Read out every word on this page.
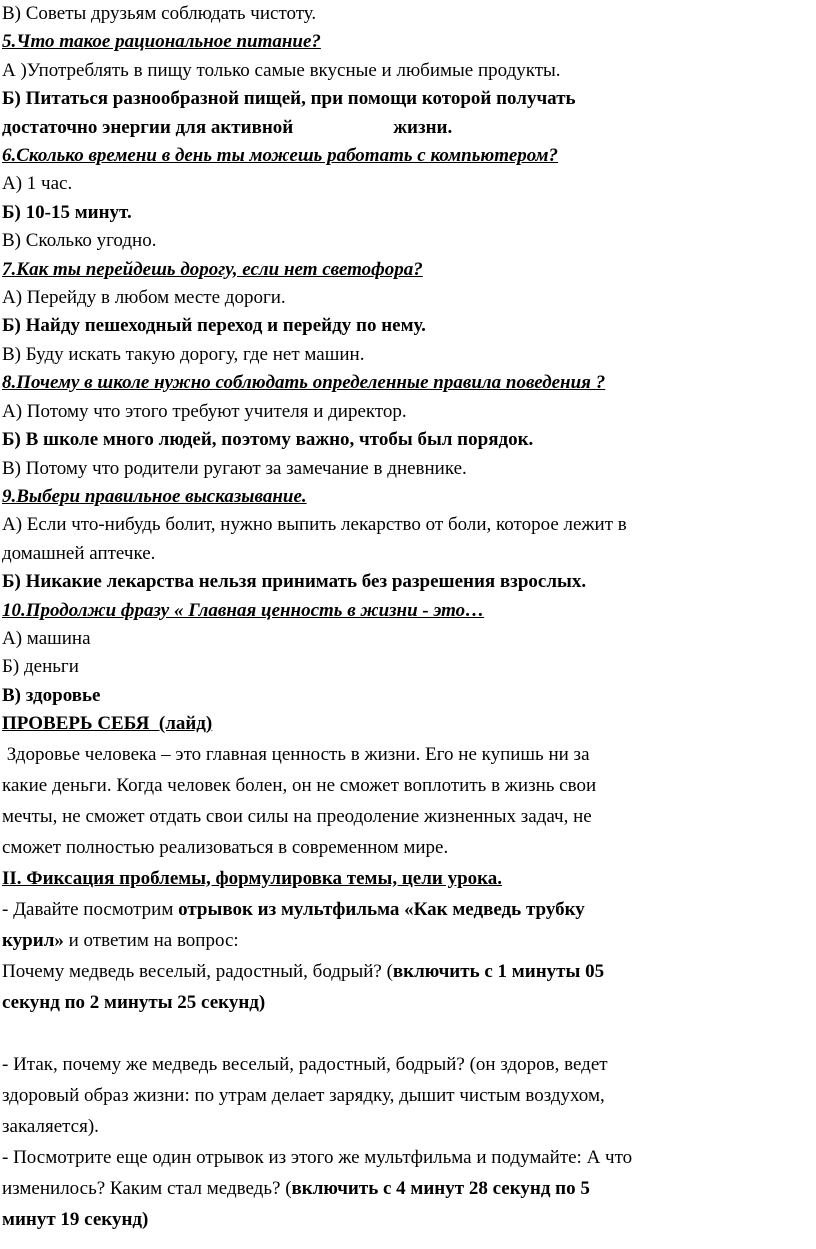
В) Советы друзьям соблюдать чистоту.

5.Что такое рациональное питание?

А )Употреблять в пищу только самые вкусные и любимые продукты.

Б) Питаться разнообразной пищей, при помощи которой получать

достаточно энергии для активной	жизни.

6.Сколько времени в день ты можешь работать с компьютером?

А) 1 час.

Б) 10-15 минут.

В) Сколько угодно.

7.Как ты перейдешь дорогу, если нет светофора?

А) Перейду в любом месте дороги.

Б) Найду пешеходный переход и перейду по нему.

В) Буду искать такую дорогу, где нет машин.

8.Почему в школе нужно соблюдать определенные правила поведения ?

А) Потому что этого требуют учителя и директор.

Б) В школе много людей, поэтому важно, чтобы был порядок.

В) Потому что родители ругают за замечание в дневнике.

9.Выбери правильное высказывание.

А) Если что-нибудь болит, нужно выпить лекарство от боли, которое лежит в

домашней аптечке.

Б) Никакие лекарства нельзя принимать без разрешения взрослых.

10.Продолжи фразу « Главная ценность в жизни - это…

А) машина

Б) деньги

В) здоровье

ПРОВЕРЬ СЕБЯ  (лайд)

Здоровье человека – это главная ценность в жизни. Его не купишь ни за

какие деньги. Когда человек болен, он не сможет воплотить в жизнь свои

мечты, не сможет отдать свои силы на преодоление жизненных задач, не

сможет полностью реализоваться в современном мире.

II. Фиксация проблемы, формулировка темы, цели урока.

- Давайте посмотрим отрывок из мультфильма «Как медведь трубку

курил» и ответим на вопрос:

Почему медведь веселый, радостный, бодрый? (включить с 1 минуты 05

секунд по 2 минуты 25 секунд)

- Итак, почему же медведь веселый, радостный, бодрый? (он здоров, ведет

здоровый образ жизни: по утрам делает зарядку, дышит чистым воздухом,

закаляется).

- Посмотрите еще один отрывок из этого же мультфильма и подумайте: А что

изменилось? Каким стал медведь? (включить с 4 минут 28 секунд по 5

минут 19 секунд)
